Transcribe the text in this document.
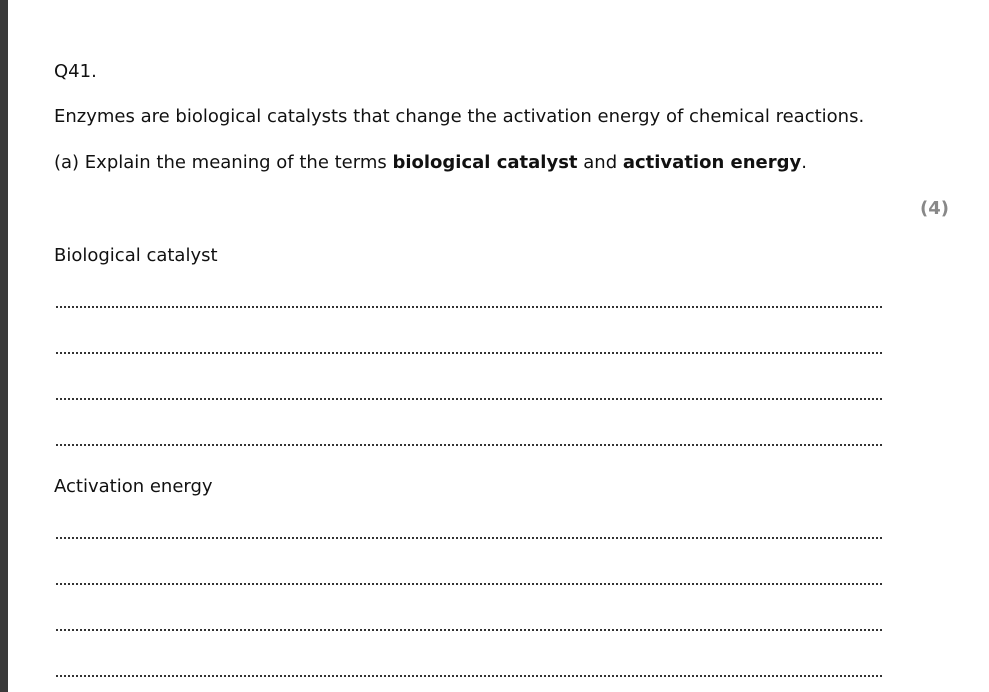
Q41.
Enzymes are biological catalysts that change the activation energy of chemical reactions.
(a) Explain the meaning of the terms biological catalyst and activation energy.
(4)
Biological catalyst
Activation energy
